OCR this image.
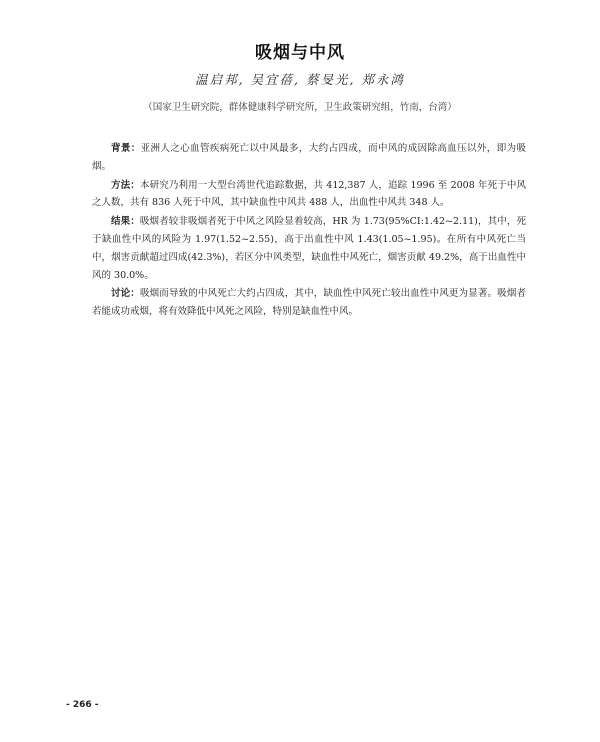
吸烟与中风
温启邦, 吴宜蓓, 蔡旻光, 郑永鸿
（国家卫生研究院，群体健康科学研究所，卫生政策研究组，竹南，台湾）

背景：亚洲人之心血管疾病死亡以中风最多，大约占四成，而中风的成因除高血压以外，即为吸烟。

方法：本研究乃利用一大型台湾世代追踪数据，共 412,387 人，追踪 1996 至 2008 年死于中风之人数，共有 836 人死于中风，其中缺血性中风共 488 人，出血性中风共 348 人。

结果：吸烟者较非吸烟者死于中风之风险显着较高，HR 为 1.73(95%CI:1.42~2.11)，其中，死于缺血性中风的风险为 1.97(1.52~2.55)，高于出血性中风 1.43(1.05~1.95)。在所有中风死亡当中，烟害贡献超过四成(42.3%)，若区分中风类型，缺血性中风死亡，烟害贡献 49.2%，高于出血性中风的 30.0%。

讨论：吸烟而导致的中风死亡大约占四成，其中，缺血性中风死亡较出血性中风更为显著。吸烟者若能成功戒烟，将有效降低中风死之风险，特别是缺血性中风。

- 266 -
